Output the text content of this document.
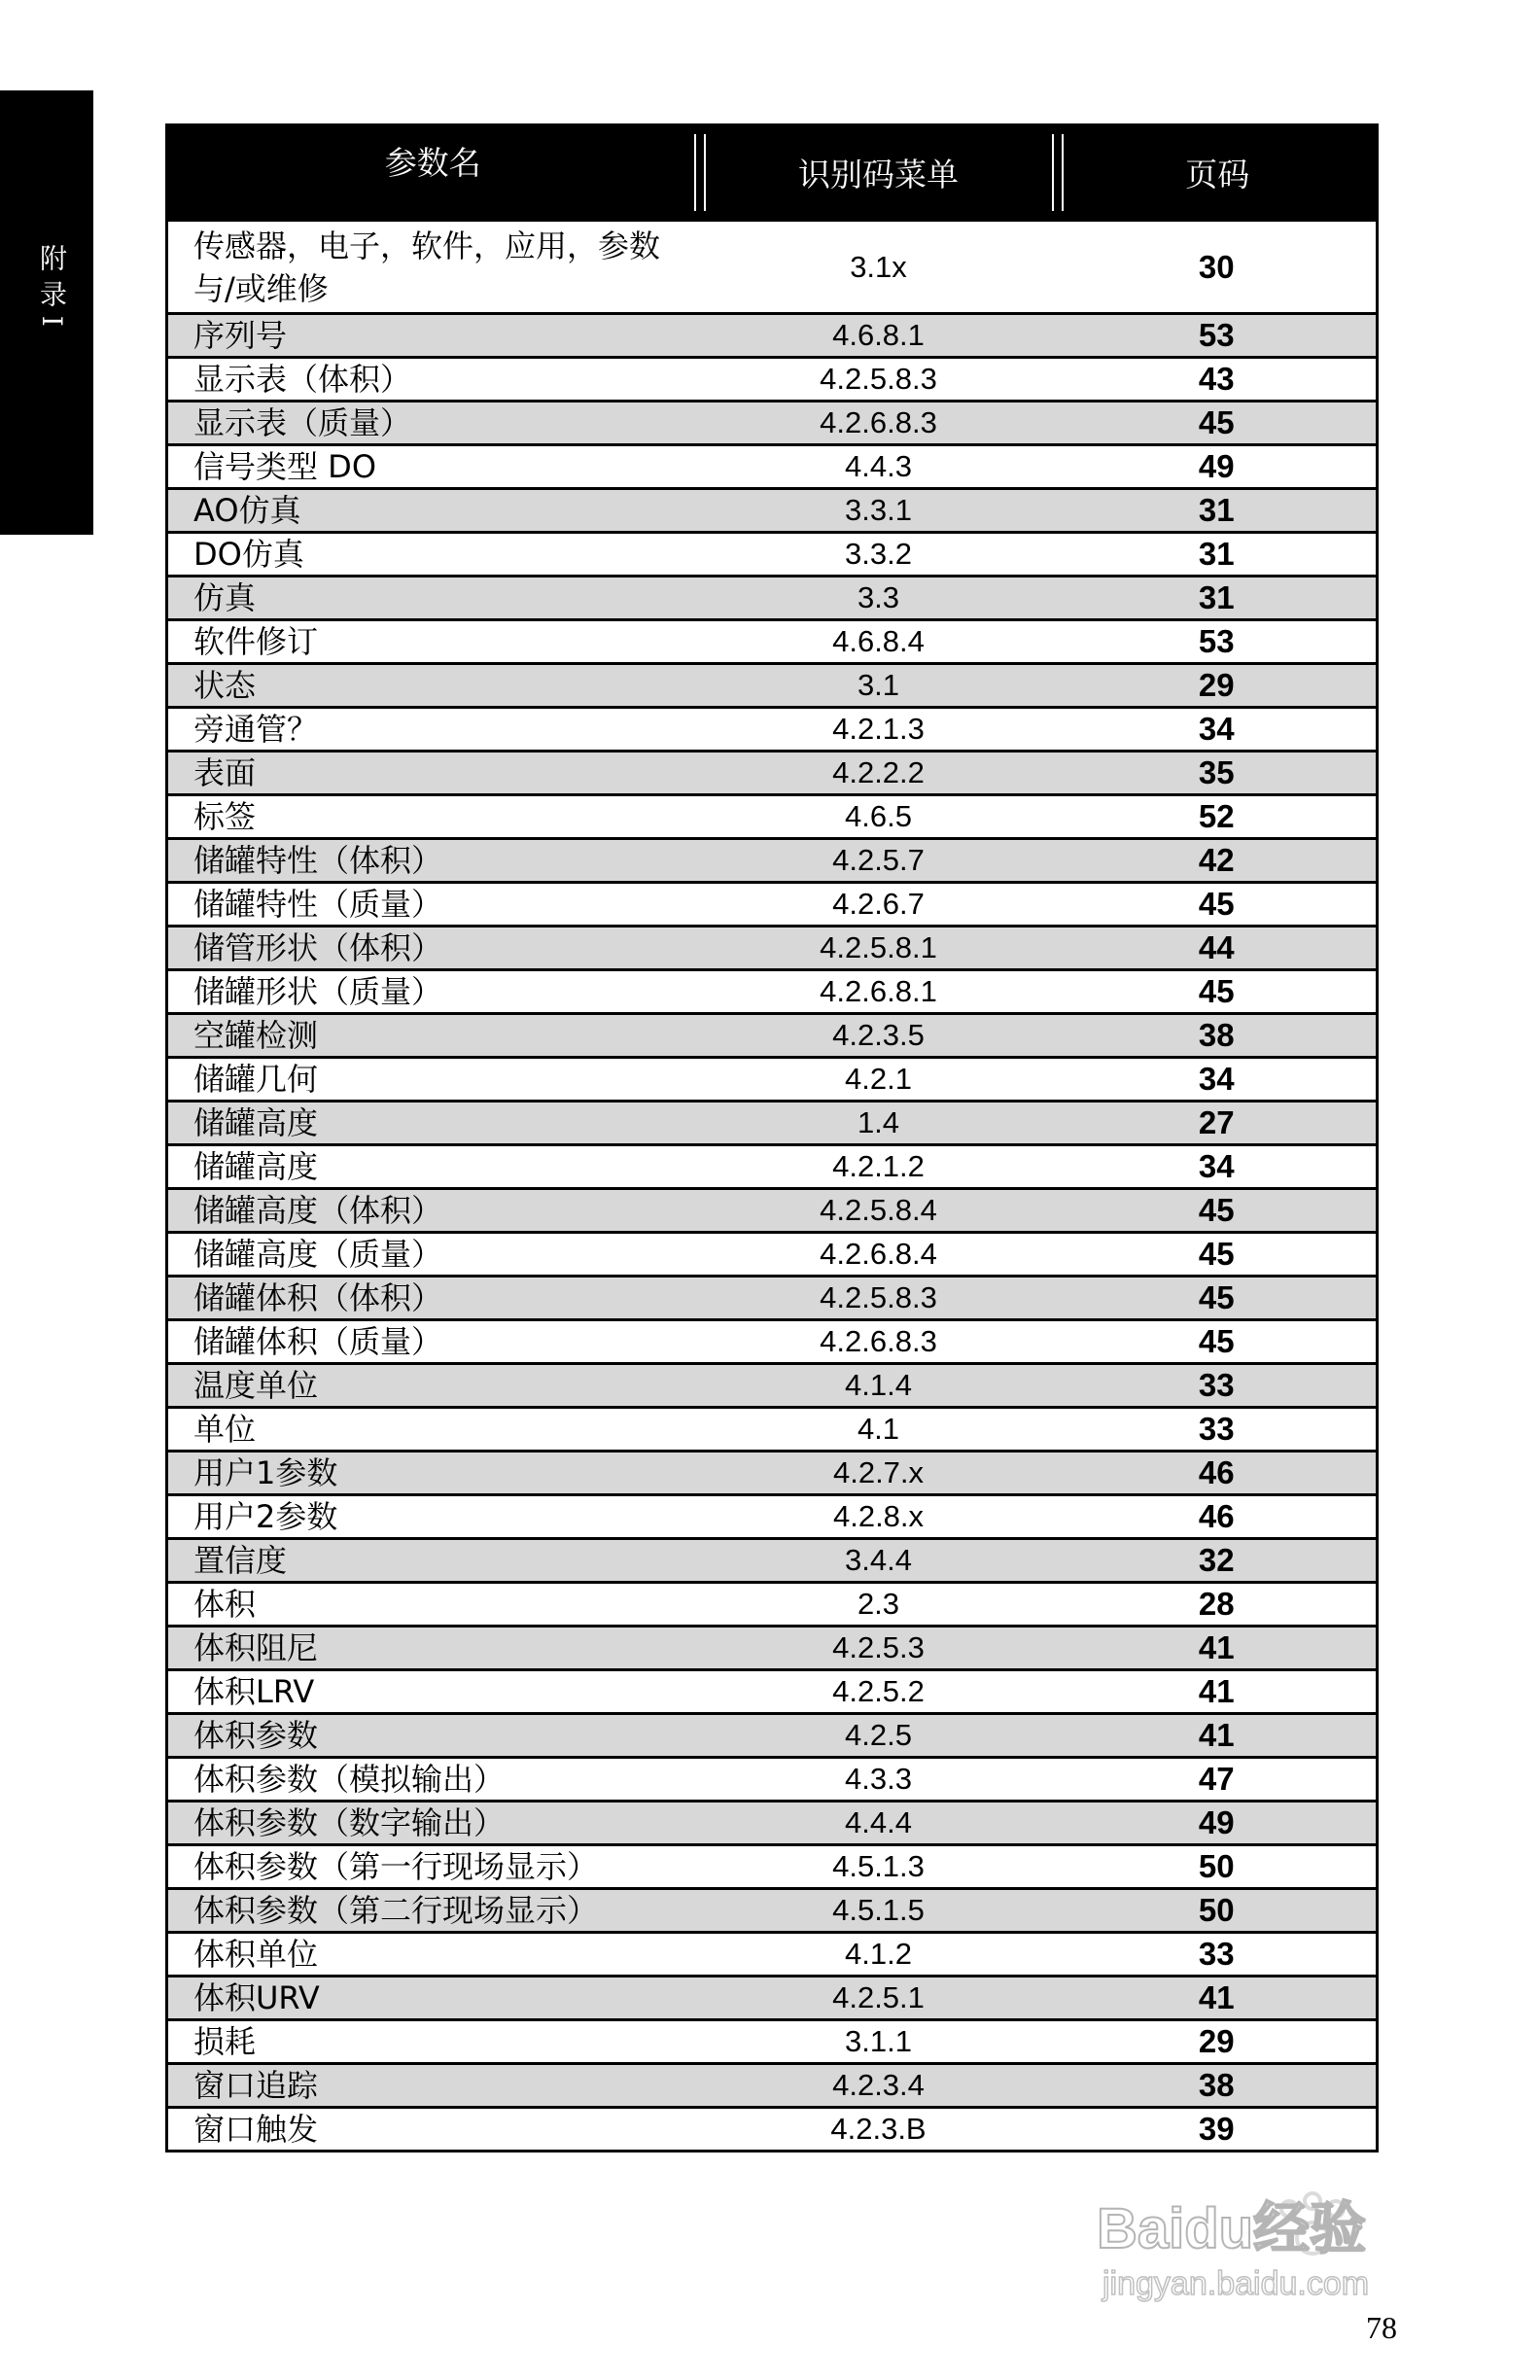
附 录 I
参数名	识别码菜单	页码

传感器，电子，软件，应用，参数与/或维修	3.1x	30
序列号	4.6.8.1	53
显示表（体积）	4.2.5.8.3	43
显示表（质量）	4.2.6.8.3	45
信号类型 DO	4.4.3	49
AO仿真	3.3.1	31
DO仿真	3.3.2	31
仿真	3.3	31
软件修订	4.6.8.4	53
状态	3.1	29
旁通管？	4.2.1.3	34
表面	4.2.2.2	35
标签	4.6.5	52
储罐特性（体积）	4.2.5.7	42
储罐特性（质量）	4.2.6.7	45
储管形状（体积）	4.2.5.8.1	44
储罐形状（质量）	4.2.6.8.1	45
空罐检测	4.2.3.5	38
储罐几何	4.2.1	34
储罐高度	1.4	27
储罐高度	4.2.1.2	34
储罐高度（体积）	4.2.5.8.4	45
储罐高度（质量）	4.2.6.8.4	45
储罐体积（体积）	4.2.5.8.3	45
储罐体积（质量）	4.2.6.8.3	45
温度单位	4.1.4	33
单位	4.1	33
用户1参数	4.2.7.x	46
用户2参数	4.2.8.x	46
置信度	3.4.4	32
体积	2.3	28
体积阻尼	4.2.5.3	41
体积LRV	4.2.5.2	41
体积参数	4.2.5	41
体积参数（模拟输出）	4.3.3	47
体积参数（数字输出）	4.4.4	49
体积参数（第一行现场显示）	4.5.1.3	50
体积参数（第二行现场显示）	4.5.1.5	50
体积单位	4.1.2	33
体积URV	4.2.5.1	41
损耗	3.1.1	29
窗口追踪	4.2.3.4	38
窗口触发	4.2.3.B	39
78
Baidu经验
jingyan.baidu.com
